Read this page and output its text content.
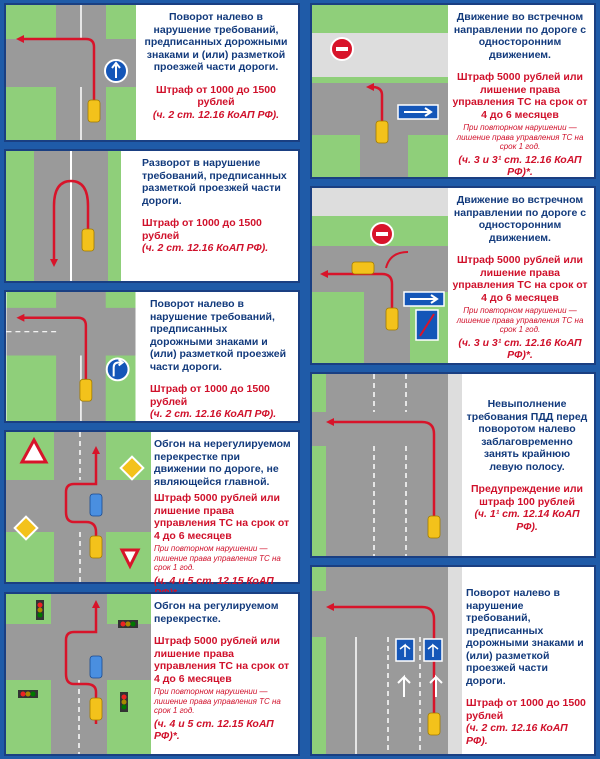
Поворот налево в нарушение требований, предписанных дорожными знаками и (или) разметкой проезжей части дороги.
Штраф от 1000 до 1500 рублей
(ч. 2 ст. 12.16 КоАП РФ).
Разворот в нарушение требований, предписанных разметкой проезжей части дороги.
Штраф от 1000 до 1500 рублей
(ч. 2 ст. 12.16 КоАП РФ).
Поворот налево в нарушение требований, предписанных дорожными знаками и (или) разметкой проезжей части дороги.
Штраф от 1000 до 1500 рублей
(ч. 2 ст. 12.16 КоАП РФ).
Обгон на нерегулируемом перекрестке при движении по дороге, не являющейся главной.
Штраф 5000 рублей или лишение права управления ТС на срок от 4 до 6 месяцев
При повторном нарушении — лишение права управления ТС на срок 1 год.
(ч. 4 и 5 ст. 12.15 КоАП
Обгон на регулируемом перекрестке.
Штраф 5000 рублей или лишение права управления ТС на срок от 4 до 6 месяцев
При повторном нарушении — лишение права управления ТС на срок 1 год.
(ч. 4 и 5 ст. 12.15 КоАП РФ)*.
Движение во встречном направлении по дороге с односторонним движением.
Штраф 5000 рублей или лишение права управления ТС на срок от 4 до 6 месяцев
При повторном нарушении — лишение права управления ТС на срок 1 год.
(ч. 3 и 3¹ ст. 12.16 КоАП РФ)*.
Движение во встречном направлении по дороге с односторонним движением.
Штраф 5000 рублей или лишение права управления ТС на срок от 4 до 6 месяцев
При повторном нарушении — лишение права управления ТС на срок 1 год.
(ч. 3 и 3¹ ст. 12.16 КоАП РФ)*.
Невыполнение требования ПДД перед поворотом налево заблаговременно занять крайнюю левую полосу.
Предупреждение или штраф 100 рублей
(ч. 1¹ ст. 12.14 КоАП РФ).
Поворот налево в нарушение требований, предписанных дорожными знаками и (или) разметкой проезжей части дороги.
Штраф от 1000 до 1500 рублей
(ч. 2 ст. 12.16 КоАП РФ).
